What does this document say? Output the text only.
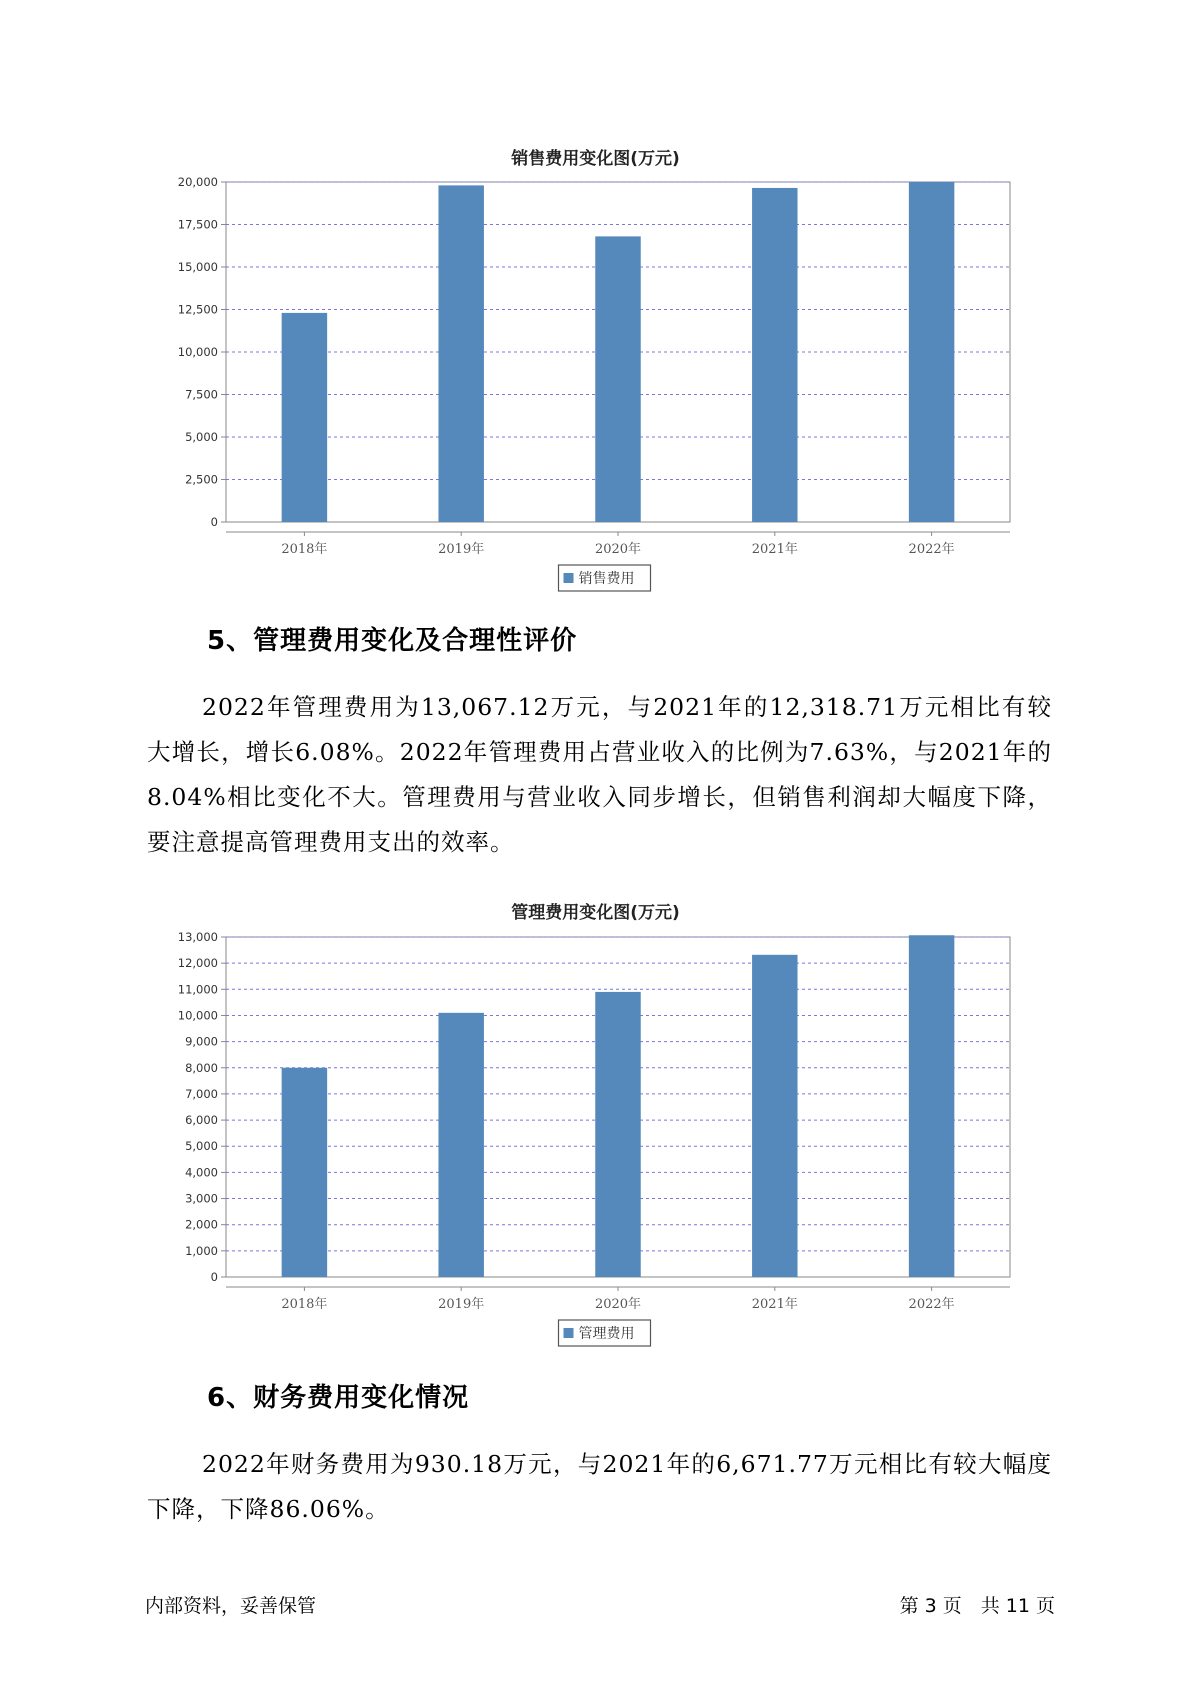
销售费用变化图(万元)
0
2,500
5,000
7,500
10,000
12,500
15,000
17,500
20,000
2018年	2019年	2020年	2021年	2022年
销售费用
5、管理费用变化及合理性评价
2022年管理费用为13,067.12万元，与2021年的12,318.71万元相比有较大增长，增长6.08%。2022年管理费用占营业收入的比例为7.63%，与2021年的8.04%相比变化不大。管理费用与营业收入同步增长，但销售利润却大幅度下降，要注意提高管理费用支出的效率。
管理费用变化图(万元)
0
1,000
2,000
3,000
4,000
5,000
6,000
7,000
8,000
9,000
10,000
11,000
12,000
13,000
2018年	2019年	2020年	2021年	2022年
管理费用
6、财务费用变化情况
2022年财务费用为930.18万元，与2021年的6,671.77万元相比有较大幅度下降，下降86.06%。
内部资料，妥善保管	第 3 页　共 11 页
